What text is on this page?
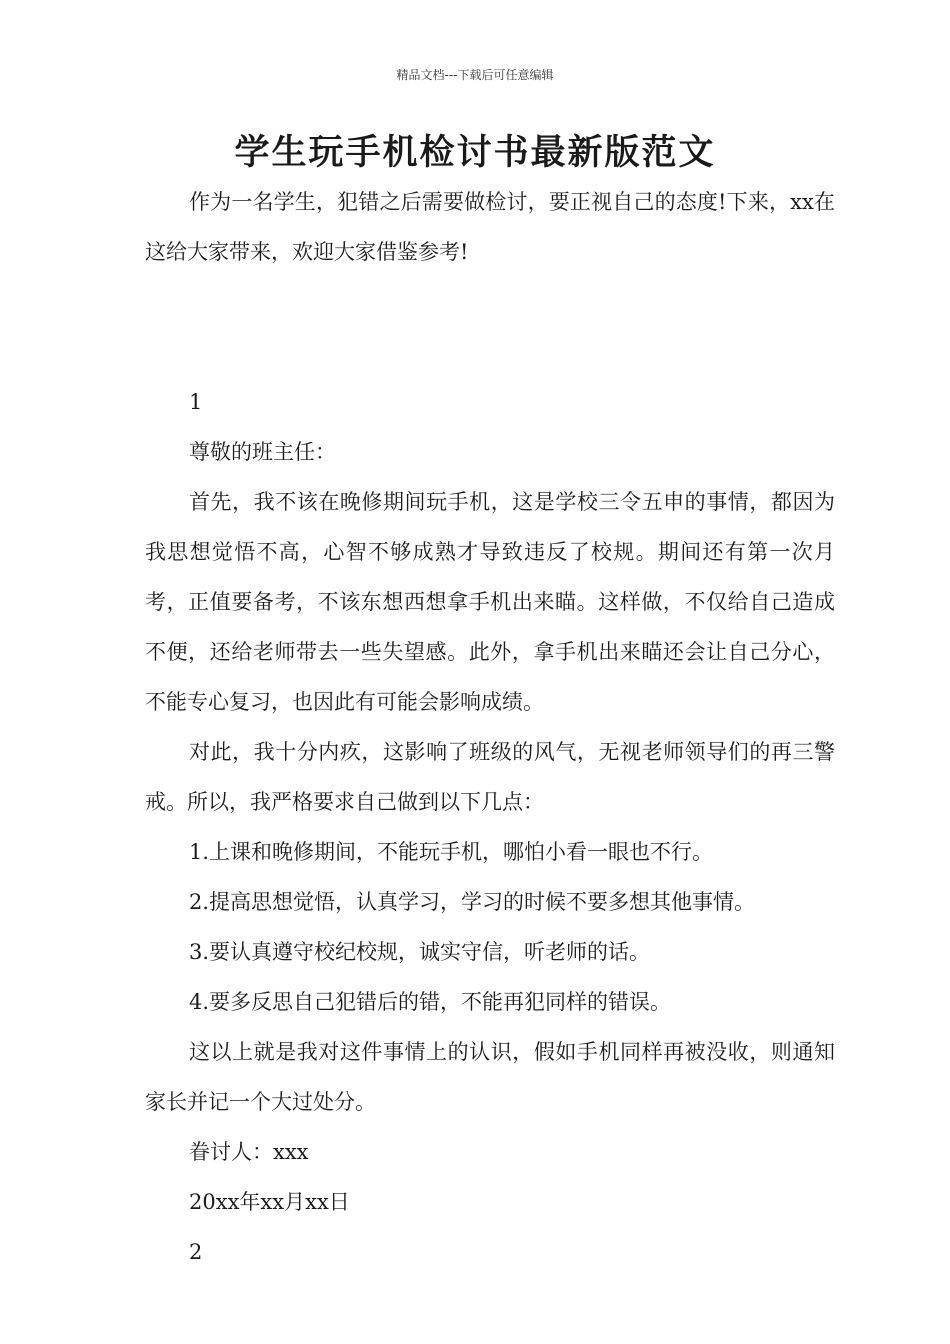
精品文档---下载后可任意编辑
学生玩手机检讨书最新版范文

作为一名学生，犯错之后需要做检讨，要正视自己的态度!下来，xx在这给大家带来，欢迎大家借鉴参考!

1

尊敬的班主任：

首先，我不该在晚修期间玩手机，这是学校三令五申的事情，都因为我思想觉悟不高，心智不够成熟才导致违反了校规。期间还有第一次月考，正值要备考，不该东想西想拿手机出来瞄。这样做，不仅给自己造成不便，还给老师带去一些失望感。此外，拿手机出来瞄还会让自己分心，不能专心复习，也因此有可能会影响成绩。

对此，我十分内疚，这影响了班级的风气，无视老师领导们的再三警戒。所以，我严格要求自己做到以下几点：

1.上课和晚修期间，不能玩手机，哪怕小看一眼也不行。

2.提高思想觉悟，认真学习，学习的时候不要多想其他事情。

3.要认真遵守校纪校规，诚实守信，听老师的话。

4.要多反思自己犯错后的错，不能再犯同样的错误。

这以上就是我对这件事情上的认识，假如手机同样再被没收，则通知家长并记一个大过处分。

眷讨人：xxx

20xx年xx月xx日

2
